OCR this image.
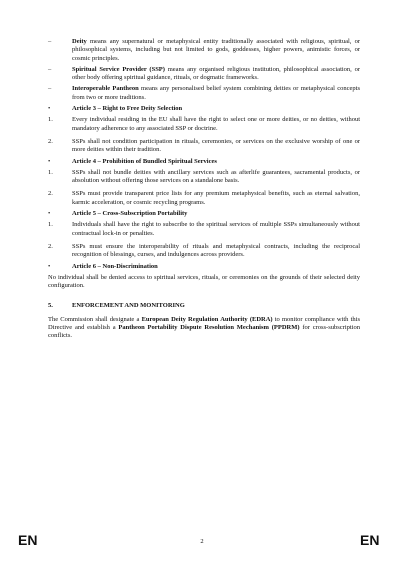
–	Deity means any supernatural or metaphysical entity traditionally associated with religious, spiritual, or philosophical systems, including but not limited to gods, goddesses, higher powers, animistic forces, or cosmic principles.
–	Spiritual Service Provider (SSP) means any organised religious institution, philosophical association, or other body offering spiritual guidance, rituals, or dogmatic frameworks.
–	Interoperable Pantheon means any personalised belief system combining deities or metaphysical concepts from two or more traditions.
•	Article 3 – Right to Free Deity Selection
1.	Every individual residing in the EU shall have the right to select one or more deities, or no deities, without mandatory adherence to any associated SSP or doctrine.
2.	SSPs shall not condition participation in rituals, ceremonies, or services on the exclusive worship of one or more deities within their tradition.
•	Article 4 – Prohibition of Bundled Spiritual Services
1.	SSPs shall not bundle deities with ancillary services such as afterlife guarantees, sacramental products, or absolution without offering those services on a standalone basis.
2.	SSPs must provide transparent price lists for any premium metaphysical benefits, such as eternal salvation, karmic acceleration, or cosmic recycling programs.
•	Article 5 – Cross-Subscription Portability
1.	Individuals shall have the right to subscribe to the spiritual services of multiple SSPs simultaneously without contractual lock-in or penalties.
2.	SSPs must ensure the interoperability of rituals and metaphysical contracts, including the reciprocal recognition of blessings, curses, and indulgences across providers.
•	Article 6 – Non-Discrimination
No individual shall be denied access to spiritual services, rituals, or ceremonies on the grounds of their selected deity configuration.
5.	ENFORCEMENT AND MONITORING
The Commission shall designate a European Deity Regulation Authority (EDRA) to monitor compliance with this Directive and establish a Pantheon Portability Dispute Resolution Mechanism (PPDRM) for cross-subscription conflicts.
EN	2	EN
